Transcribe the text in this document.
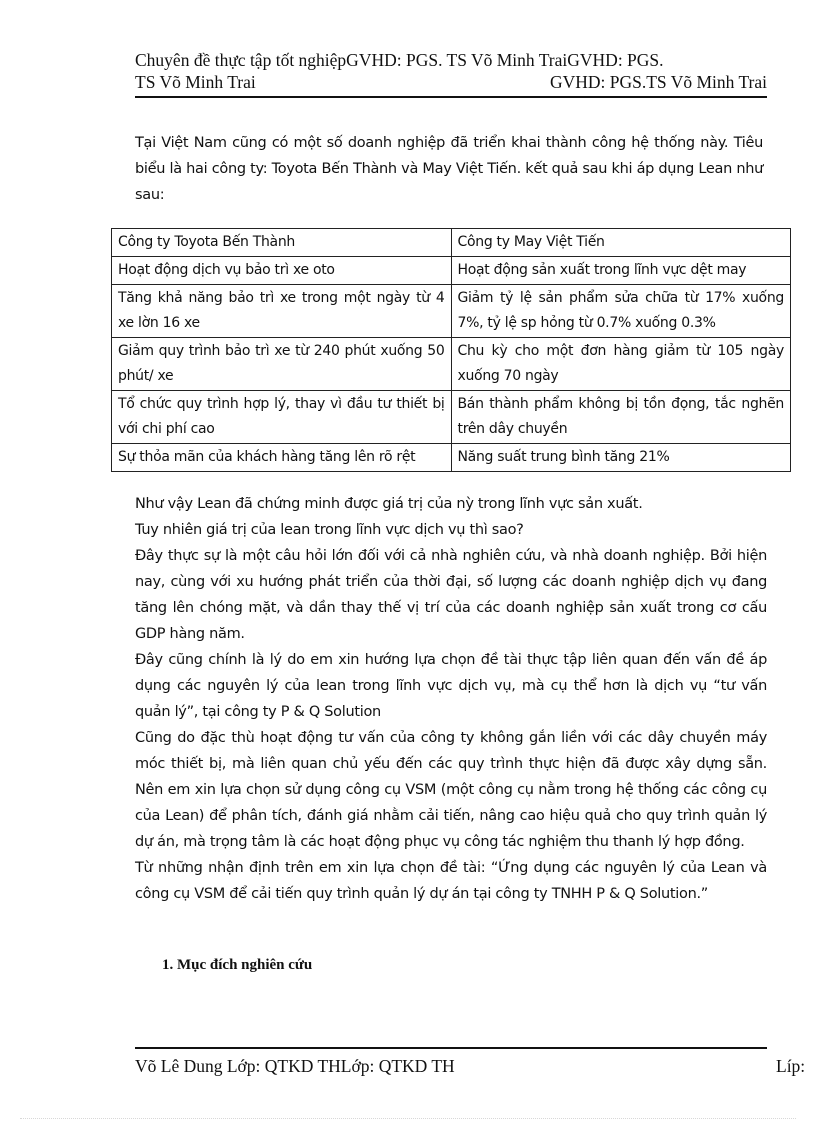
Chuyên đề thực tập tốt nghiệpGVHD: PGS. TS Võ Minh TraiGVHD: PGS.
TS Võ Minh Trai	GVHD: PGS.TS Võ Minh Trai

Tại Việt Nam cũng có một số doanh nghiệp đã triển khai thành công hệ thống này. Tiêu biểu là hai công ty: Toyota Bến Thành và May Việt Tiến. kết quả sau khi áp dụng Lean như sau:

Công ty Toyota Bến Thành	Công ty May Việt Tiến
Hoạt động dịch vụ bảo trì xe oto	Hoạt động sản xuất trong lĩnh vực dệt may
Tăng khả năng bảo trì xe trong một ngày từ 4 xe lờn 16 xe	Giảm tỷ lệ sản phẩm sửa chữa từ 17% xuống 7%, tỷ lệ sp hỏng từ 0.7% xuống 0.3%
Giảm quy trình bảo trì xe từ 240 phút xuống 50 phút/ xe	Chu kỳ cho một đơn hàng giảm từ 105 ngày xuống 70 ngày
Tổ chức quy trình hợp lý, thay vì đầu tư thiết bị với chi phí cao	Bán thành phẩm không bị tồn đọng, tắc nghẽn trên dây chuyền
Sự thỏa mãn của khách hàng tăng lên rõ rệt	Năng suất trung bình tăng 21%

Như vậy Lean đã chứng minh được giá trị của nỳ trong lĩnh vực sản xuất.

Tuy nhiên giá trị của lean trong lĩnh vực dịch vụ thì sao?

Đây thực sự là một câu hỏi lớn đối với cả nhà nghiên cứu, và nhà doanh nghiệp. Bởi hiện nay, cùng với xu hướng phát triển của thời đại, số lượng các doanh nghiệp dịch vụ đang tăng lên chóng mặt, và dần thay thế vị trí của các doanh nghiệp sản xuất trong cơ cấu GDP hàng năm.

Đây cũng chính là lý do em xin hướng lựa chọn đề tài thực tập liên quan đến vấn đề áp dụng các nguyên lý của lean trong lĩnh vực dịch vụ, mà cụ thể hơn là dịch vụ “tư vấn quản lý”, tại công ty P & Q Solution

Cũng do đặc thù hoạt động tư vấn của công ty không gắn liền với các dây chuyền máy móc thiết bị, mà liên quan chủ yếu đến các quy trình thực hiện đã được xây dựng sẵn. Nên em xin lựa chọn sử dụng công cụ VSM (một công cụ nằm trong hệ thống các công cụ của Lean) để phân tích, đánh giá nhằm cải tiến, nâng cao hiệu quả cho quy trình quản lý dự án, mà trọng tâm là các hoạt động phục vụ công tác nghiệm thu thanh lý hợp đồng.

Từ những nhận định trên em xin lựa chọn đề tài: “Ứng dụng các nguyên lý của Lean và công cụ VSM để cải tiến quy trình quản lý dự án tại công ty TNHH P & Q Solution.”

1. Mục đích nghiên cứu
Võ Lê Dung Lớp: QTKD THLớp: QTKD TH	Líp:
